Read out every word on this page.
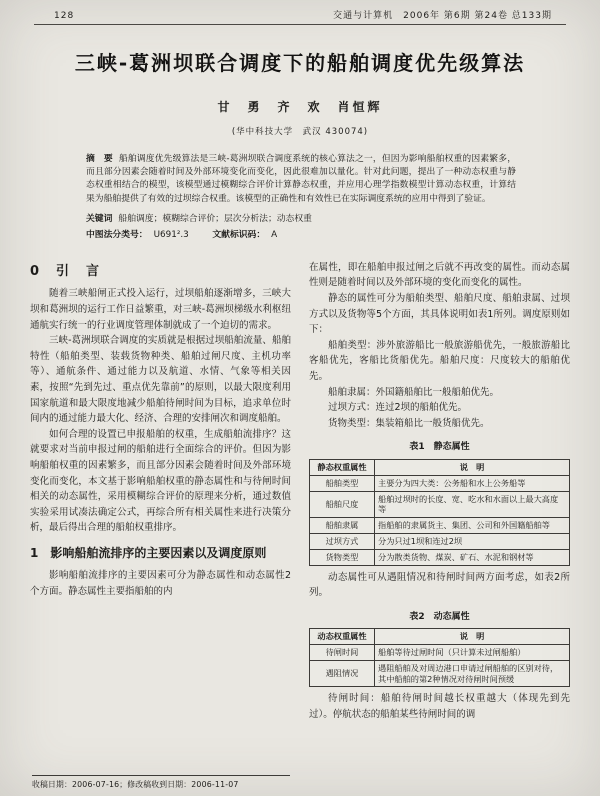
128	交通与计算机　2006年 第6期 第24卷 总133期
三峡-葛洲坝联合调度下的船舶调度优先级算法
甘　勇　齐　欢　肖恒辉
(华中科技大学　武汉 430074)
摘　要 船舶调度优先级算法是三峡-葛洲坝联合调度系统的核心算法之一，但因为影响船舶权重的因素繁多，而且部分因素会随着时间及外部环境变化而变化，因此很难加以量化。针对此问题，提出了一种动态权重与静态权重相结合的模型，该模型通过模糊综合评价计算静态权重，并应用心理学指数模型计算动态权重，计算结果为船舶提供了有效的过坝综合权重。该模型的正确性和有效性已在实际调度系统的应用中得到了验证。
关键词 船舶调度；模糊综合评价；层次分析法；动态权重
中图法分类号： U691².3	文献标识码： A
0　引　言

随着三峡船闸正式投入运行，过坝船舶逐渐增多，三峡大坝和葛洲坝的运行工作日益繁重，对三峡-葛洲坝梯级水利枢纽通航实行统一的行业调度管理体制就成了一个迫切的需求。

三峡-葛洲坝联合调度的实质就是根据过坝船舶流量、船舶特性（船舶类型、装载货物种类、船舶过闸尺度、主机功率等）、通航条件、通过能力以及航道、水情、气象等相关因素，按照“先到先过、重点优先靠前”的原则，以最大限度利用国家航道和最大限度地减少船舶待闸时间为目标，追求单位时间内的通过能力最大化、经济、合理的安排闸次和调度船舶。

如何合理的设置已申报船舶的权重，生成船舶流排序？这就要求对当前申报过闸的船舶进行全面综合的评价。但因为影响船舶权重的因素繁多，而且部分因素会随着时间及外部环境变化而变化，本文基于影响船舶权重的静态属性和与待闸时间相关的动态属性，采用模糊综合评价的原理来分析，通过数值实验采用试凑法确定公式，再综合所有相关属性来进行决策分析，最后得出合理的船舶权重排序。

1　影响船舶流排序的主要因素以及调度原则

影响船舶流排序的主要因素可分为静态属性和动态属性2个方面。静态属性主要指船舶的内

在属性，即在船舶申报过闸之后就不再改变的属性。而动态属性则是随着时间以及外部环境的变化而变化的属性。

静态的属性可分为船舶类型、船舶尺度、船舶隶属、过坝方式以及货物等5个方面，其具体说明如表1所列。调度原则如下：

船舶类型：涉外旅游船比一般旅游船优先，一般旅游船比客船优先，客船比货船优先。船舶尺度：尺度较大的船舶优先。

船舶隶属：外国籍船舶比一般船舶优先。

过坝方式：连过2坝的船舶优先。

货物类型：集装箱船比一般货船优先。

表1　静态属性
静态权重属性	说　明
船舶类型	主要分为四大类：公务船和水上公务船等
船舶尺度	船舶过坝时的长度、宽、吃水和水面以上最大高度等
船舶隶属	指船舶的隶属货主、集团、公司和外国籍船舶等
过坝方式	分为只过1坝和连过2坝
货物类型	分为散类货物、煤炭、矿石、水泥和钢材等

动态属性可从遇阻情况和待闸时间两方面考虑，如表2所列。

表2　动态属性
动态权重属性	说　明
待闸时间	船舶等待过闸时间（只计算未过闸船舶）
遇阻情况	遇阻船舶及对周边港口申请过闸船舶的区别对待，其中船舶的第2种情况对待闸时间预缓

待闸时间：船舶待闸时间越长权重越大（体现先到先过）。停航状态的船舶某些待闸时间的调

收稿日期：2006-07-16；修改稿收到日期：2006-11-07
